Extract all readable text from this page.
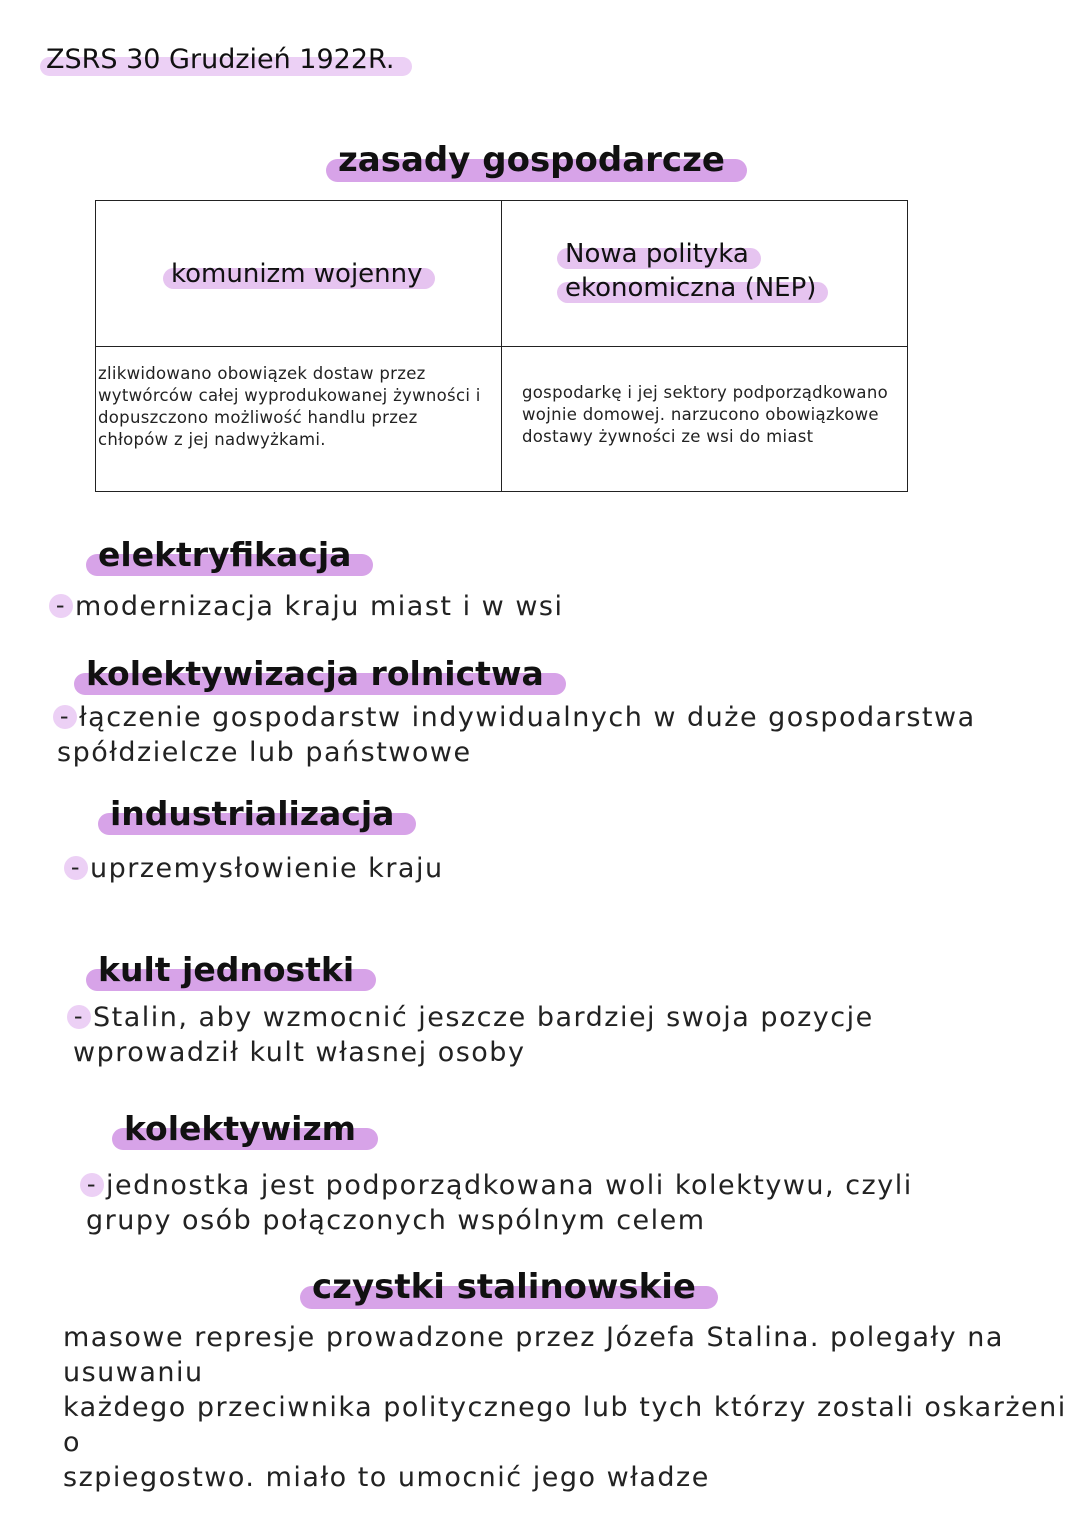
ZSRS 30 Grudzień 1922R.
zasady gospodarcze
komunizm wojenny	Nowa polityka
ekonomiczna (NEP)

zlikwidowano obowiązek dostaw przez wytwórców całej wyprodukowanej żywności i dopuszczono możliwość handlu przez chłopów z jej nadwyżkami.	gospodarkę i jej sektory podporządkowano wojnie domowej. narzucono obowiązkowe dostawy żywności ze wsi do miast
elektryfikacja
- modernizacja kraju miast i w wsi
kolektywizacja rolnictwa
- łączenie gospodarstw indywidualnych w duże gospodarstwa
spółdzielcze lub państwowe
industrializacja
- uprzemysłowienie kraju
kult jednostki
- Stalin, aby wzmocnić jeszcze bardziej swoja pozycje
wprowadził kult własnej osoby
kolektywizm
- jednostka jest podporządkowana woli kolektywu, czyli
grupy osób połączonych wspólnym celem
czystki stalinowskie
masowe represje prowadzone przez Józefa Stalina. polegały na usuwaniu
każdego przeciwnika politycznego lub tych którzy zostali oskarżeni o
szpiegostwo. miało to umocnić jego władze
